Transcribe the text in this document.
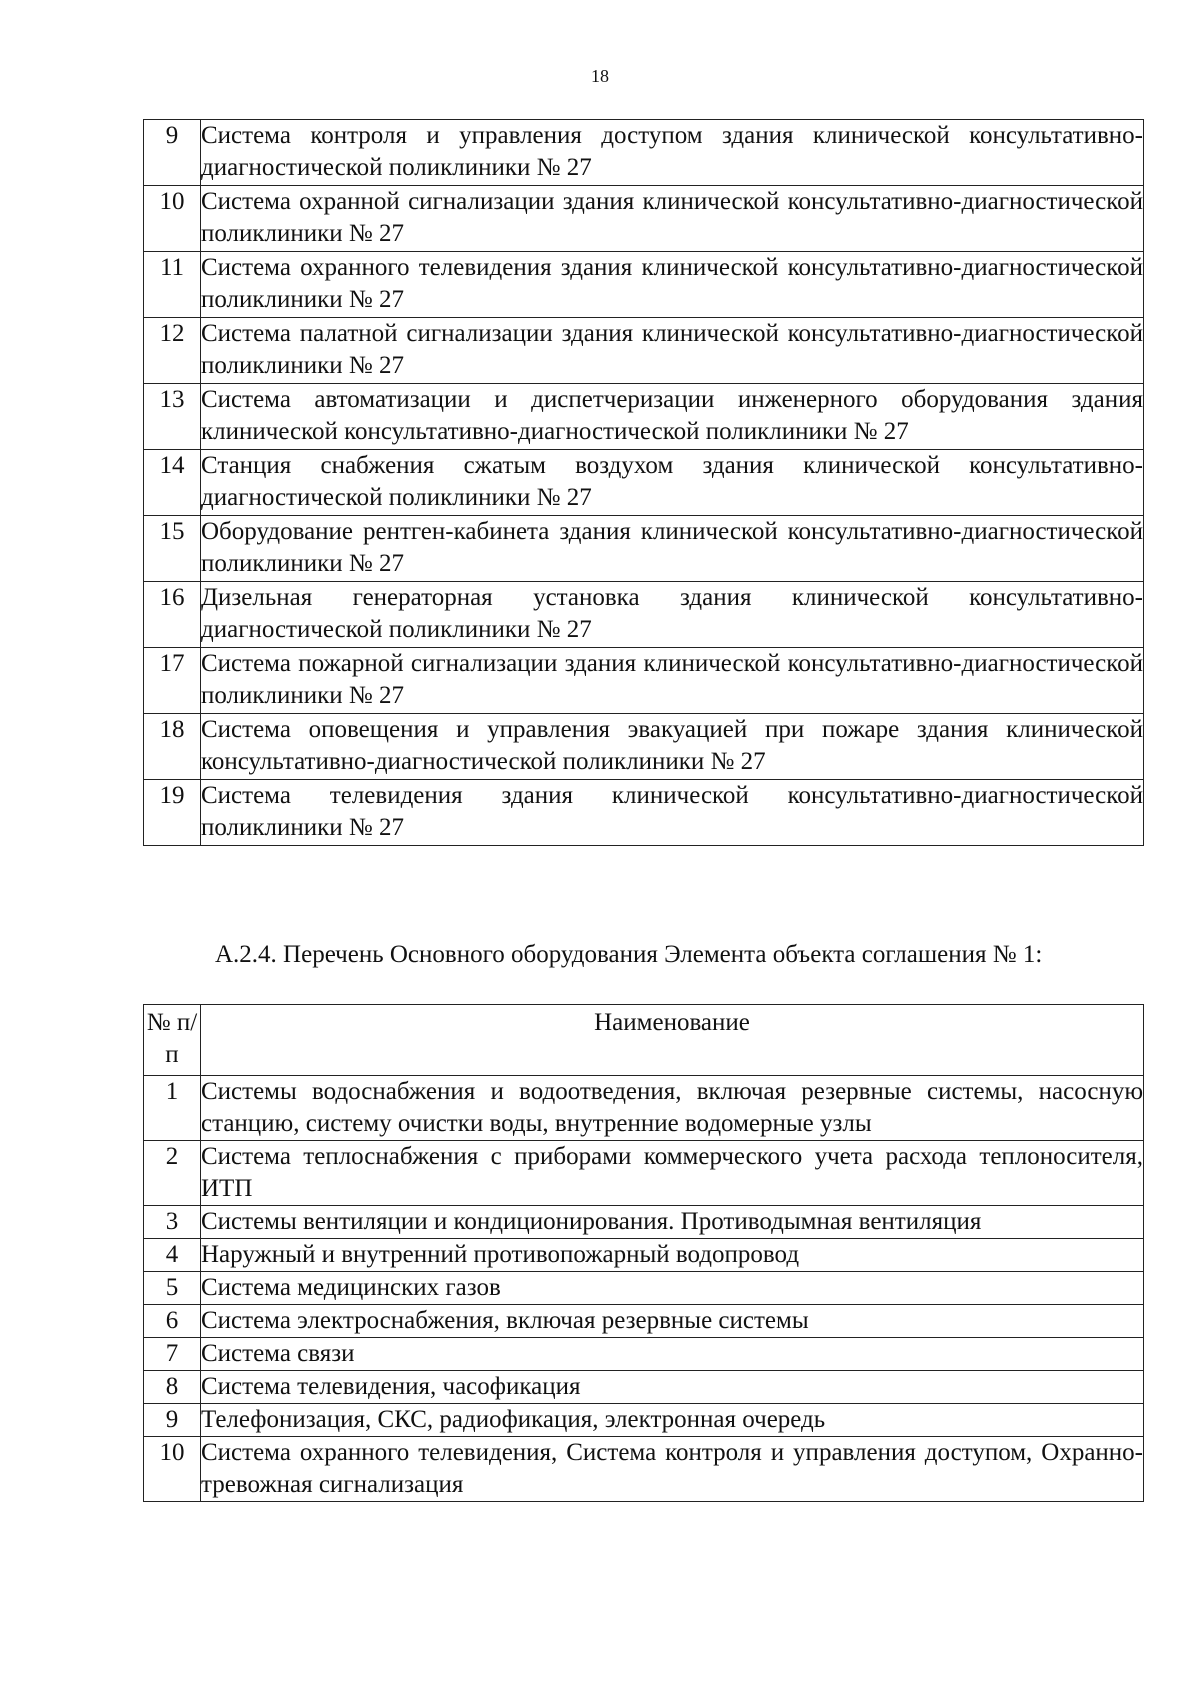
18
9	Система контроля и управления доступом здания клинической консультативно-диагностической поликлиники № 27
10	Система охранной сигнализации здания клинической консультативно-диагностической поликлиники № 27
11	Система охранного телевидения здания клинической консультативно-диагностической поликлиники № 27
12	Система палатной сигнализации здания клинической консультативно-диагностической поликлиники № 27
13	Система автоматизации и диспетчеризации инженерного оборудования здания клинической консультативно-диагностической поликлиники № 27
14	Станция снабжения сжатым воздухом здания клинической консультативно-диагностической поликлиники № 27
15	Оборудование рентген-кабинета здания клинической консультативно-диагностической поликлиники № 27
16	Дизельная генераторная установка здания клинической консультативно-диагностической поликлиники № 27
17	Система пожарной сигнализации здания клинической консультативно-диагностической поликлиники № 27
18	Система оповещения и управления эвакуацией при пожаре здания клинической консультативно-диагностической поликлиники № 27
19	Система телевидения здания клинической консультативно-диагностической поликлиники № 27
А.2.4. Перечень Основного оборудования Элемента объекта соглашения № 1:
№ п/п	Наименование
1	Системы водоснабжения и водоотведения, включая резервные системы, насосную станцию, систему очистки воды, внутренние водомерные узлы
2	Система теплоснабжения с приборами коммерческого учета расхода теплоносителя, ИТП
3	Системы вентиляции и кондиционирования. Противодымная вентиляция
4	Наружный и внутренний противопожарный водопровод
5	Система медицинских газов
6	Система электроснабжения, включая резервные системы
7	Система связи
8	Система телевидения, часофикация
9	Телефонизация, СКС, радиофикация, электронная очередь
10	Система охранного телевидения, Система контроля и управления доступом, Охранно-тревожная сигнализация
